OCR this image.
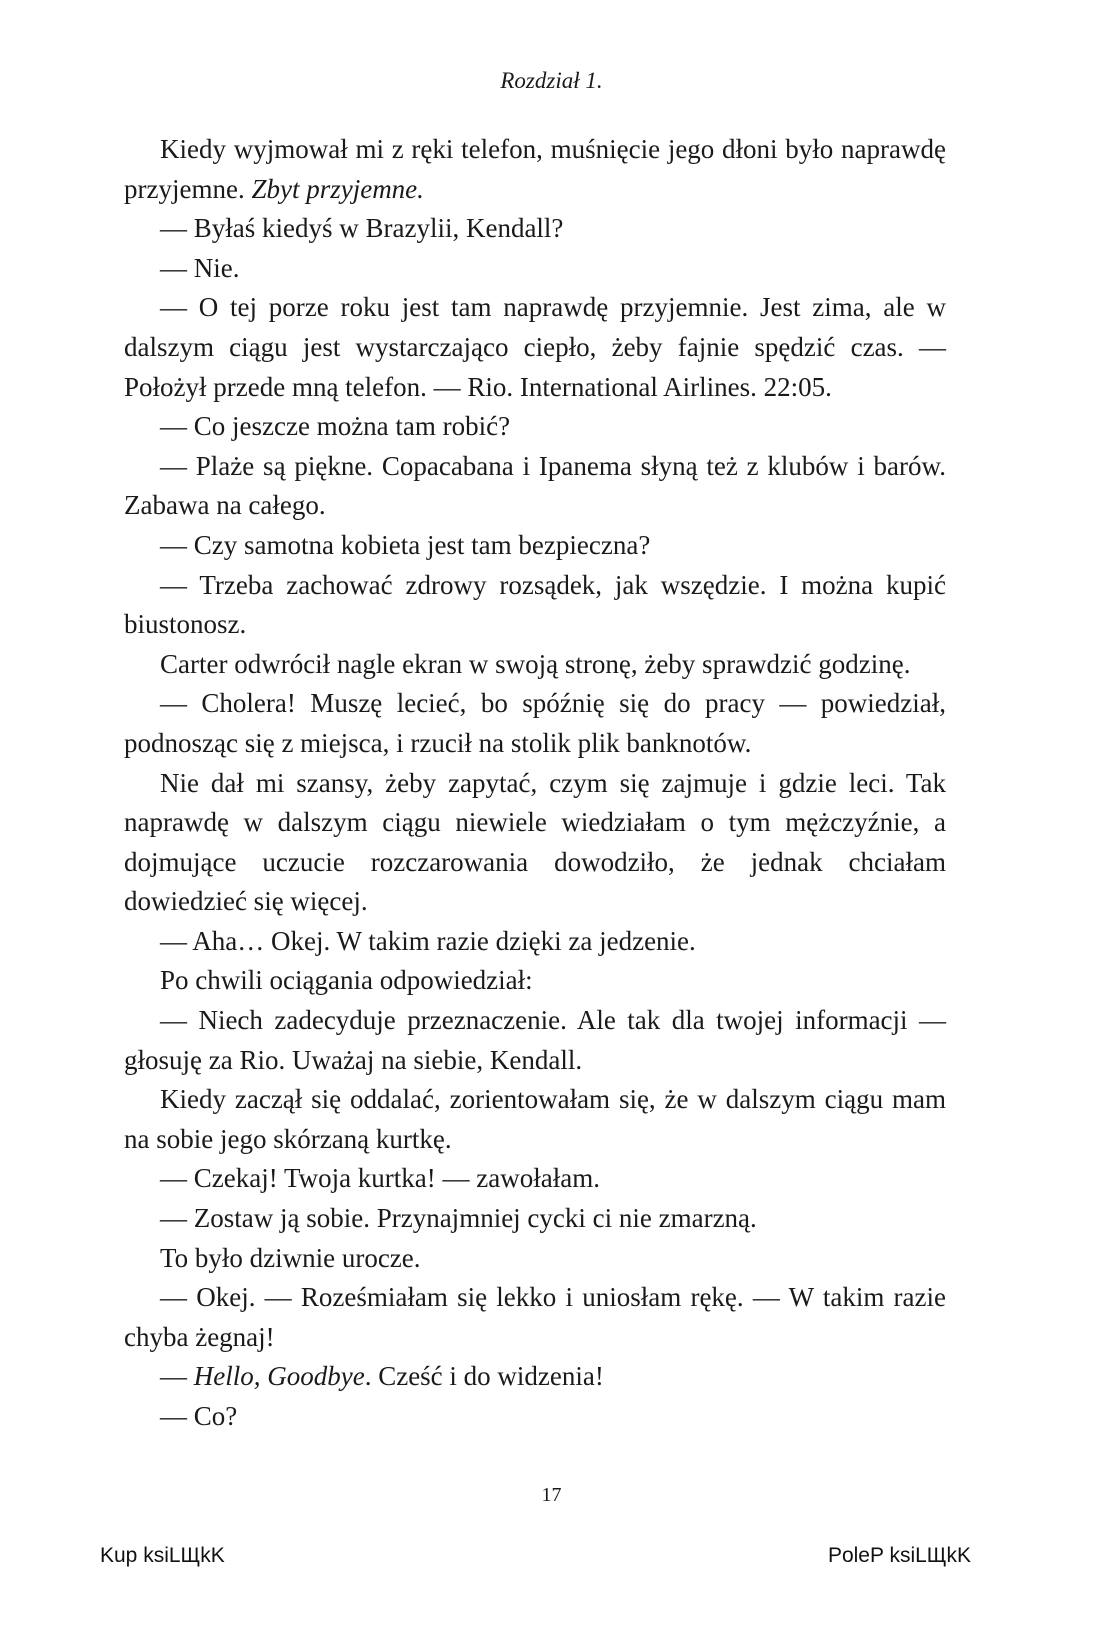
Rozdział 1.

Kiedy wyjmował mi z ręki telefon, muśnięcie jego dłoni było naprawdę przyjemne. Zbyt przyjemne.

— Byłaś kiedyś w Brazylii, Kendall?

— Nie.

— O tej porze roku jest tam naprawdę przyjemnie. Jest zima, ale w dalszym ciągu jest wystarczająco ciepło, żeby fajnie spędzić czas. — Położył przede mną telefon. — Rio. International Airlines. 22:05.

— Co jeszcze można tam robić?

— Plaże są piękne. Copacabana i Ipanema słyną też z klubów i barów. Zabawa na całego.

— Czy samotna kobieta jest tam bezpieczna?

— Trzeba zachować zdrowy rozsądek, jak wszędzie. I można kupić biustonosz.

Carter odwrócił nagle ekran w swoją stronę, żeby sprawdzić godzinę.

— Cholera! Muszę lecieć, bo spóźnię się do pracy — powiedział, podnosząc się z miejsca, i rzucił na stolik plik banknotów.

Nie dał mi szansy, żeby zapytać, czym się zajmuje i gdzie leci. Tak naprawdę w dalszym ciągu niewiele wiedziałam o tym mężczyźnie, a dojmujące uczucie rozczarowania dowodziło, że jednak chciałam dowiedzieć się więcej.

— Aha… Okej. W takim razie dzięki za jedzenie.

Po chwili ociągania odpowiedział:

— Niech zadecyduje przeznaczenie. Ale tak dla twojej informacji — głosuję za Rio. Uważaj na siebie, Kendall.

Kiedy zaczął się oddalać, zorientowałam się, że w dalszym ciągu mam na sobie jego skórzaną kurtkę.

— Czekaj! Twoja kurtka! — zawołałam.

— Zostaw ją sobie. Przynajmniej cycki ci nie zmarzną.

To było dziwnie urocze.

— Okej. — Roześmiałam się lekko i uniosłam rękę. — W takim razie chyba żegnaj!

— Hello, Goodbye. Cześć i do widzenia!

— Co?

17
Kup ksiLЩkK	PoleP ksiLЩkK
